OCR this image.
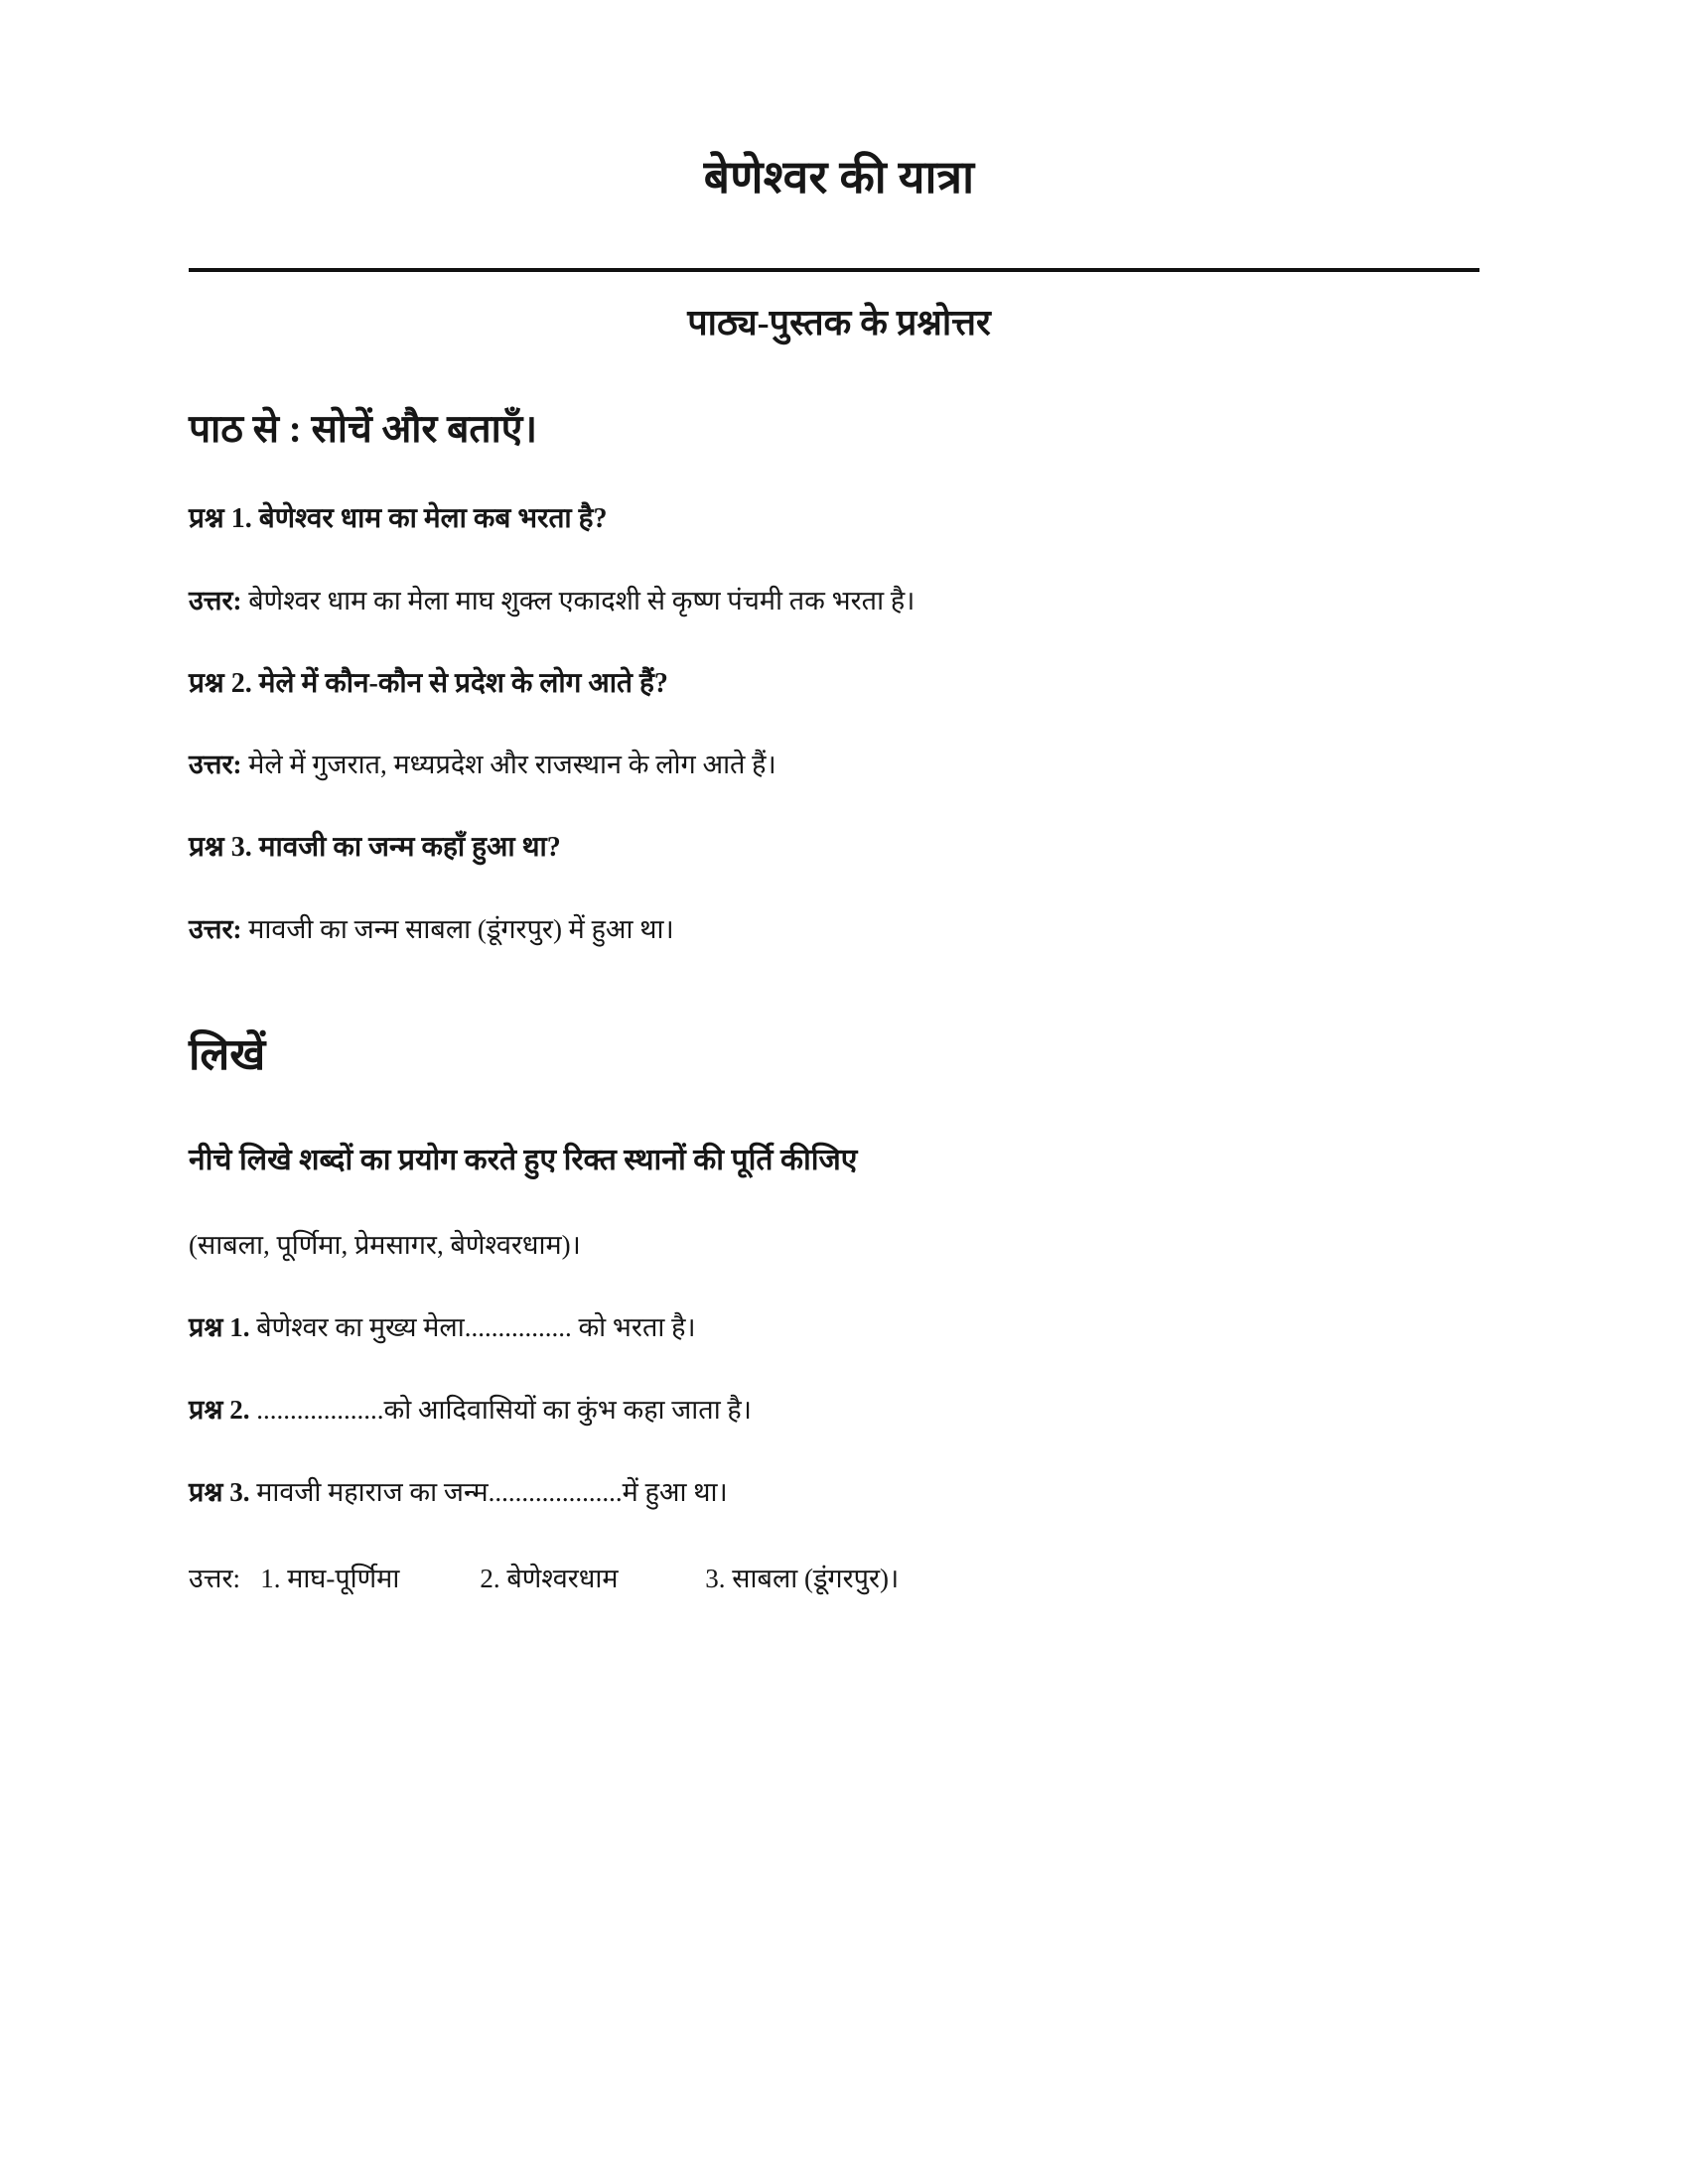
बेणेश्वर की यात्रा
पाठ्य-पुस्तक के प्रश्नोत्तर
पाठ से : सोचें और बताएँ।

प्रश्न 1. बेणेश्वर धाम का मेला कब भरता है?

उत्तर: बेणेश्वर धाम का मेला माघ शुक्ल एकादशी से कृष्ण पंचमी तक भरता है।

प्रश्न 2. मेले में कौन-कौन से प्रदेश के लोग आते हैं?

उत्तर: मेले में गुजरात, मध्यप्रदेश और राजस्थान के लोग आते हैं।

प्रश्न 3. मावजी का जन्म कहाँ हुआ था?

उत्तर: मावजी का जन्म साबला (डूंगरपुर) में हुआ था।

लिखें

नीचे लिखे शब्दों का प्रयोग करते हुए रिक्त स्थानों की पूर्ति कीजिए

(साबला, पूर्णिमा, प्रेमसागर, बेणेश्वरधाम)।

प्रश्न 1. बेणेश्वर का मुख्य मेला................ को भरता है।

प्रश्न 2. ...................को आदिवासियों का कुंभ कहा जाता है।

प्रश्न 3. मावजी महाराज का जन्म....................में हुआ था।

उत्तर:   1. माघ-पूर्णिमा            2. बेणेश्वरधाम             3. साबला (डूंगरपुर)।
